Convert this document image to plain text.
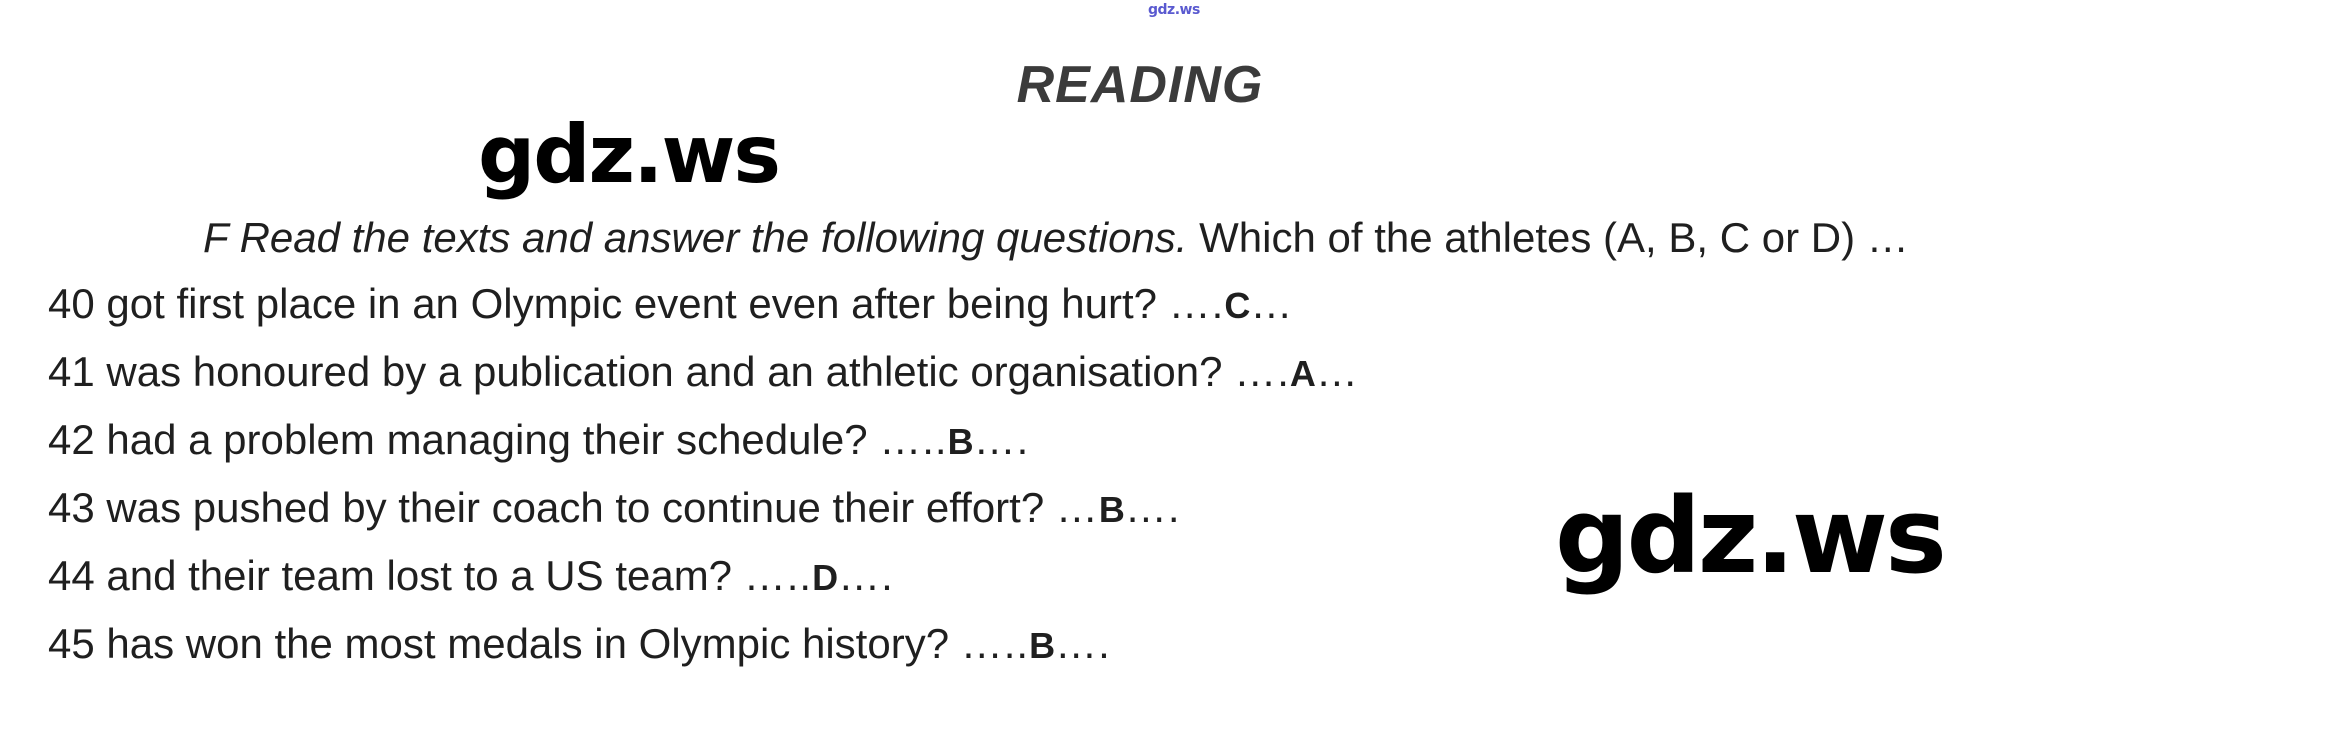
gdz.ws
READING
gdz.ws
F Read the texts and answer the following questions. Which of the athletes (A, B, C or D) …
40 got first place in an Olympic event even after being hurt? ….C…
41 was honoured by a publication and an athletic organisation? ….A…
42 had a problem managing their schedule? …..B….
43 was pushed by their coach to continue their effort? …B….
44 and their team lost to a US team? …..D….
45 has won the most medals in Olympic history? …..B….
gdz.ws
